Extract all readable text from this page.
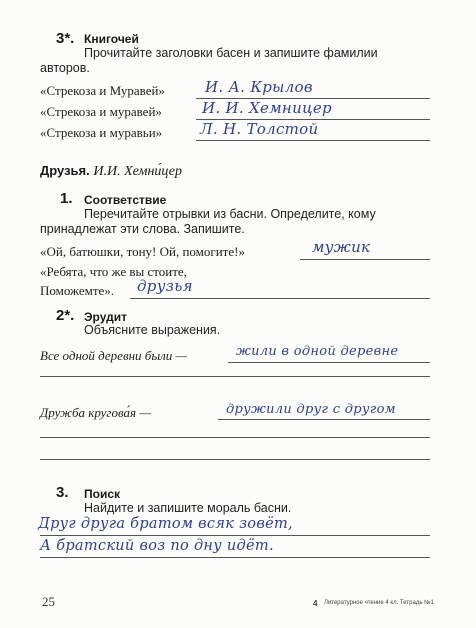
3*. Книгочей
Прочитайте заголовки басен и запишите фамилии
авторов.
«Стрекоза и Муравей»	И. А. Крылов
«Стрекоза и муравей»	И. И. Хемницер
«Стрекоза и муравьи»	Л. Н. Толстой
Друзья. И.И. Хемни́цер
1. Соответствие
Перечитайте отрывки из басни. Определите, кому
принадлежат эти слова. Запишите.
«Ой, батюшки, тону! Ой, помогите!»	мужик
«Ребята, что же вы стоите,
Поможемте». друзья
2*. Эрудит
Объясните выражения.
Все одной деревни были —	жили в одной деревне
Дружба кругова́я —	дружили друг с другом
3. Поиск
Найдите и запишите мораль басни.
Друг друга братом всяк зовёт,
А братский воз по дну идёт.
25	4 Литературное чтение 4 кл. Тетрадь №1
